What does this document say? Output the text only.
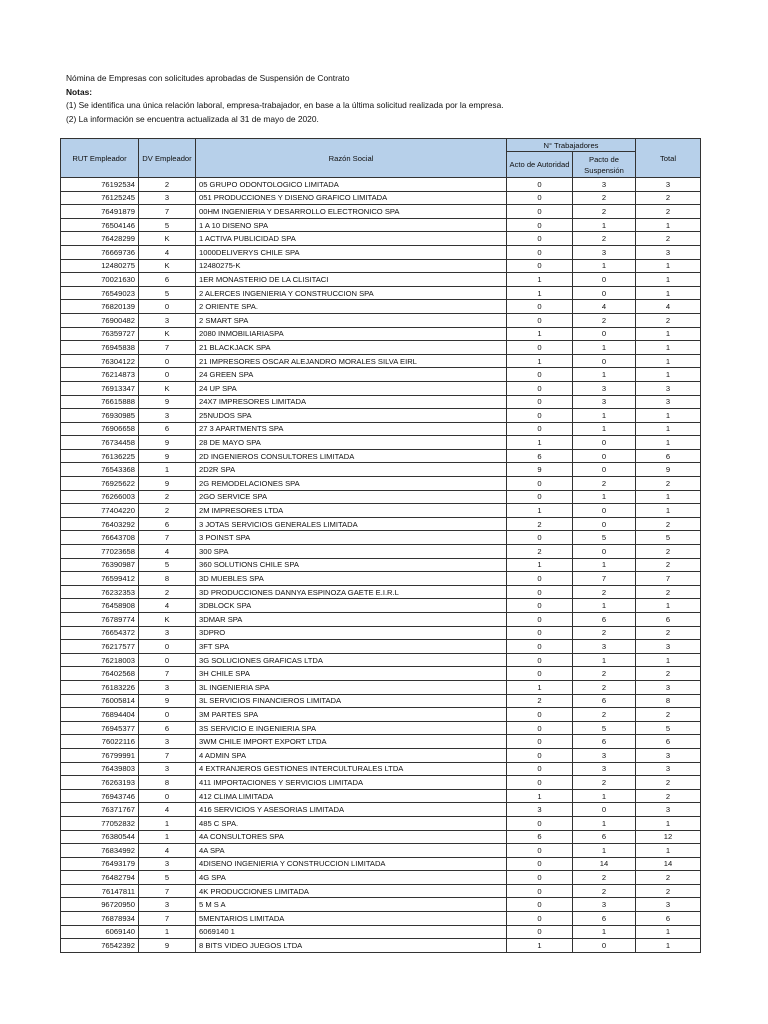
Nómina de Empresas con solicitudes aprobadas de Suspensión de Contrato
Notas:
(1) Se identifica una única relación laboral, empresa-trabajador, en base a la última solicitud realizada por la empresa.
(2) La información se encuentra actualizada al 31 de mayo de 2020.
RUT Empleador	DV Empleador	Razón Social	N° Trabajadores		Total
			Acto de Autoridad	Pacto de Suspensión	
76192534	2	05 GRUPO ODONTOLOGICO LIMITADA	0	3	3
76125245	3	051 PRODUCCIONES Y DISENO GRAFICO LIMITADA	0	2	2
76491879	7	00HM INGENIERIA Y DESARROLLO ELECTRONICO SPA	0	2	2
76504146	5	1 A 10 DISENO SPA	0	1	1
76428299	K	1 ACTIVA PUBLICIDAD SPA	0	2	2
76669736	4	1000DELIVERYS CHILE SPA	0	3	3
12480275	K	12480275-K	0	1	1
70021630	6	1ER MONASTERIO DE LA CLISITACI	1	0	1
76549023	5	2 ALERCES INGENIERIA Y CONSTRUCCION SPA	1	0	1
76820139	0	2 ORIENTE SPA.	0	4	4
76900482	3	2 SMART SPA	0	2	2
76359727	K	2080 INMOBILIARIASPA	1	0	1
76945838	7	21 BLACKJACK SPA	0	1	1
76304122	0	21 IMPRESORES OSCAR ALEJANDRO MORALES SILVA EIRL	1	0	1
76214873	0	24 GREEN SPA	0	1	1
76913347	K	24 UP SPA	0	3	3
76615888	9	24X7 IMPRESORES LIMITADA	0	3	3
76930985	3	25NUDOS SPA	0	1	1
76906658	6	27 3 APARTMENTS SPA	0	1	1
76734458	9	28 DE MAYO SPA	1	0	1
76136225	9	2D INGENIEROS CONSULTORES LIMITADA	6	0	6
76543368	1	2D2R SPA	9	0	9
76925622	9	2G REMODELACIONES SPA	0	2	2
76266003	2	2GO SERVICE SPA	0	1	1
77404220	2	2M IMPRESORES LTDA	1	0	1
76403292	6	3 JOTAS SERVICIOS GENERALES LIMITADA	2	0	2
76643708	7	3 POINST SPA	0	5	5
77023658	4	300 SPA	2	0	2
76390987	5	360 SOLUTIONS CHILE SPA	1	1	2
76599412	8	3D MUEBLES SPA	0	7	7
76232353	2	3D PRODUCCIONES DANNYA ESPINOZA GAETE E.I.R.L	0	2	2
76458908	4	3DBLOCK SPA	0	1	1
76789774	K	3DMAR SPA	0	6	6
76654372	3	3DPRO	0	2	2
76217577	0	3FT SPA	0	3	3
76218003	0	3G SOLUCIONES GRAFICAS LTDA	0	1	1
76402568	7	3H CHILE SPA	0	2	2
76183226	3	3L INGENIERIA SPA	1	2	3
76005814	9	3L SERVICIOS FINANCIEROS LIMITADA	2	6	8
76894404	0	3M PARTES SPA	0	2	2
76945377	6	3S SERVICIO E INGENIERIA SPA	0	5	5
76022116	3	3WM CHILE IMPORT EXPORT LTDA	0	6	6
76799991	7	4 ADMIN SPA	0	3	3
76439803	3	4 EXTRANJEROS GESTIONES INTERCULTURALES LTDA	0	3	3
76263193	8	411 IMPORTACIONES Y SERVICIOS LIMITADA	0	2	2
76943746	0	412 CLIMA LIMITADA	1	1	2
76371767	4	416 SERVICIOS Y ASESORIAS LIMITADA	3	0	3
77052832	1	485 C SPA.	0	1	1
76380544	1	4A CONSULTORES SPA	6	6	12
76834992	4	4A SPA	0	1	1
76493179	3	4DISENO INGENIERIA Y CONSTRUCCION LIMITADA	0	14	14
76482794	5	4G SPA	0	2	2
76147811	7	4K PRODUCCIONES LIMITADA	0	2	2
96720950	3	5 M S A	0	3	3
76878934	7	5MENTARIOS LIMITADA	0	6	6
6069140	1	6069140 1	0	1	1
76542392	9	8 BITS VIDEO JUEGOS LTDA	1	0	1
